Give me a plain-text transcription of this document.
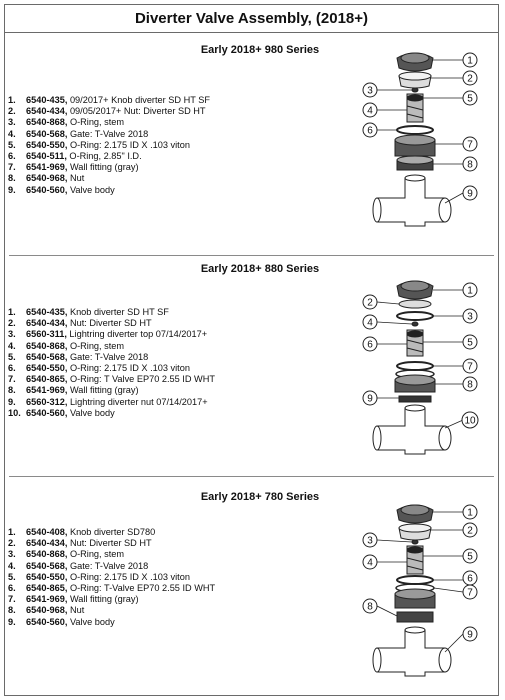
Diverter Valve Assembly, (2018+)
Early 2018+ 980 Series
1. 6540-435, 09/2017+ Knob diverter SD HT SF
2. 6540-434, 09/05/2017+ Nut: Diverter SD HT
3. 6540-868, O-Ring, stem
4. 6540-568, Gate: T-Valve 2018
5. 6540-550, O-Ring: 2.175 ID X .103 viton
6. 6540-511, O-Ring, 2.85" I.D.
7. 6541-969, Wall fitting (gray)
8. 6540-968, Nut
9. 6540-560, Valve body
1
2
3
5
4
6
7
8
9
Early 2018+ 880 Series
1. 6540-435, Knob diverter SD HT SF
2. 6540-434, Nut: Diverter SD HT
3. 6560-311, Lightring diverter top 07/14/2017+
4. 6540-868, O-Ring, stem
5. 6540-568, Gate: T-Valve 2018
6. 6540-550, O-Ring: 2.175 ID X .103 viton
7. 6540-865, O-Ring: T Valve EP70 2.55 ID WHT
8. 6541-969, Wall fitting (gray)
9. 6560-312, Lightring diverter nut 07/14/2017+
10. 6540-560, Valve body
1
2
3
4
5
6
7
8
9
10
Early 2018+ 780 Series
1. 6540-408, Knob diverter SD780
2. 6540-434, Nut: Diverter SD HT
3. 6540-868, O-Ring, stem
4. 6540-568, Gate: T-Valve 2018
5. 6540-550, O-Ring: 2.175 ID X .103 viton
6. 6540-865, O-Ring: T-Valve EP70 2.55 ID WHT
7. 6541-969, Wall fitting (gray)
8. 6540-968, Nut
9. 6540-560, Valve body
1
2
3
5
4
6
7
8
9
